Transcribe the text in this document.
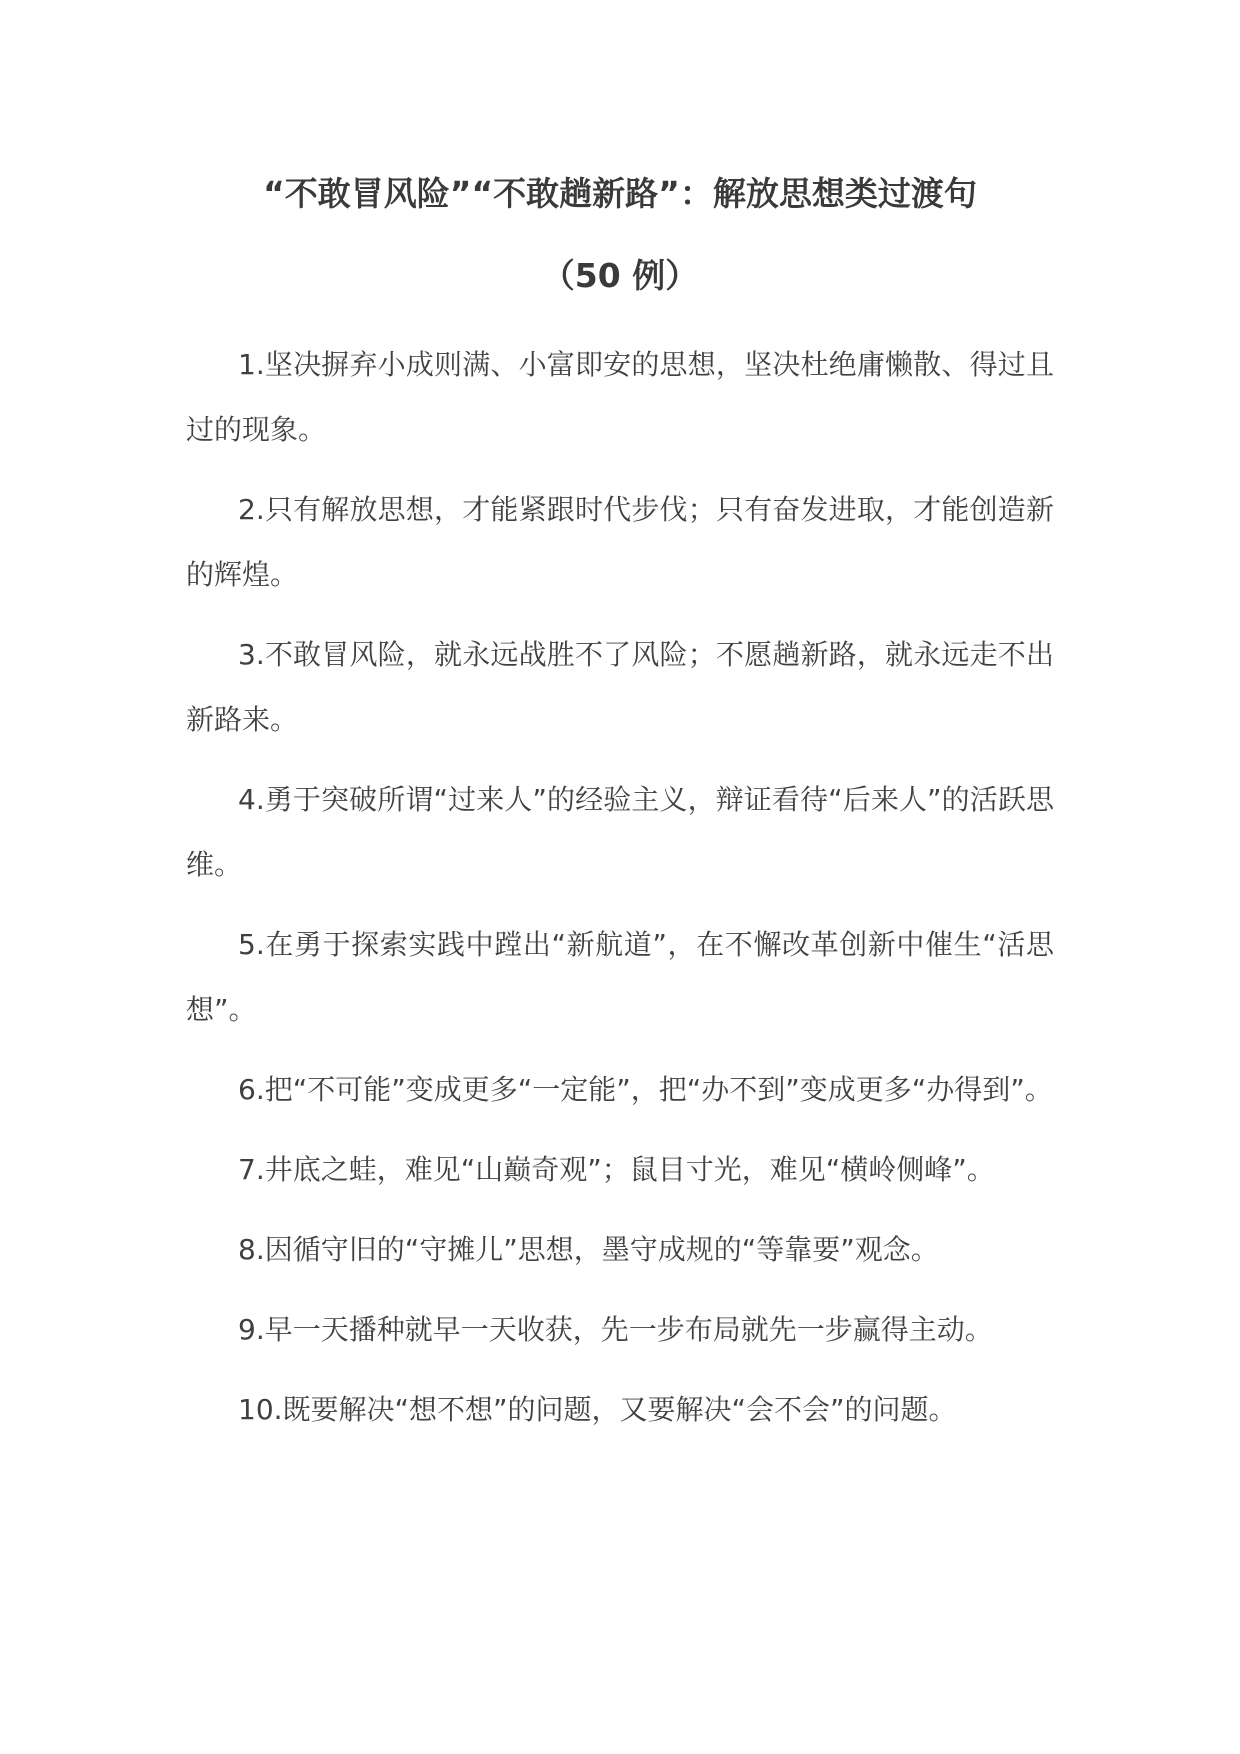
“不敢冒风险”“不敢趟新路”：解放思想类过渡句
（50 例）
1.坚决摒弃小成则满、小富即安的思想，坚决杜绝庸懒散、得过且过的现象。
2.只有解放思想，才能紧跟时代步伐；只有奋发进取，才能创造新的辉煌。
3.不敢冒风险，就永远战胜不了风险；不愿趟新路，就永远走不出新路来。
4.勇于突破所谓“过来人”的经验主义，辩证看待“后来人”的活跃思维。
5.在勇于探索实践中蹚出“新航道”，在不懈改革创新中催生“活思想”。
6.把“不可能”变成更多“一定能”，把“办不到”变成更多“办得到”。
7.井底之蛙，难见“山巅奇观”；鼠目寸光，难见“横岭侧峰”。
8.因循守旧的“守摊儿”思想，墨守成规的“等靠要”观念。
9.早一天播种就早一天收获，先一步布局就先一步赢得主动。
10.既要解决“想不想”的问题，又要解决“会不会”的问题。
